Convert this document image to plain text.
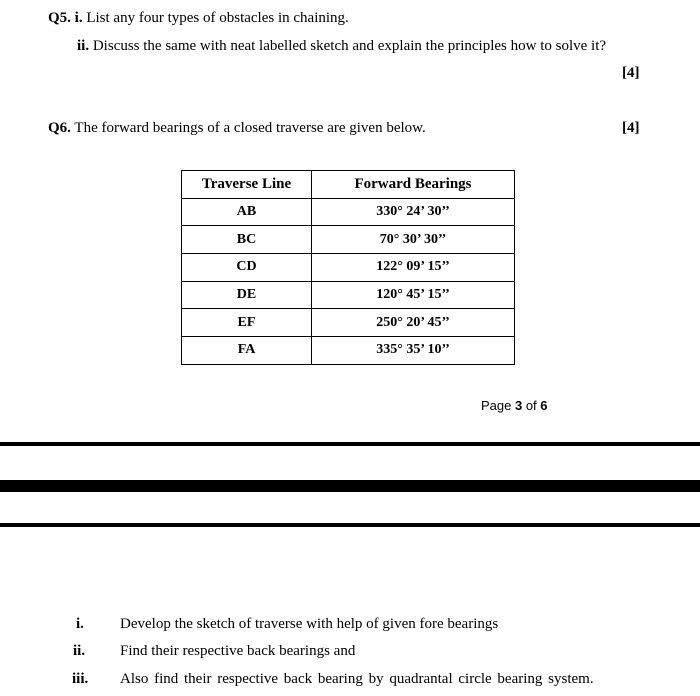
Q5. i. List any four types of obstacles in chaining.
ii. Discuss the same with neat labelled sketch and explain the principles how to solve it?
[4]
Q6. The forward bearings of a closed traverse are given below.	[4]
Traverse Line	Forward Bearings
AB	330° 24’ 30’’
BC	70° 30’ 30’’
CD	122° 09’ 15’’
DE	120° 45’ 15’’
EF	250° 20’ 45’’
FA	335° 35’ 10’’
Page 3 of 6
i. Develop the sketch of traverse with help of given fore bearings
ii. Find their respective back bearings and
iii. Also find their respective back bearing by quadrantal circle bearing system.
